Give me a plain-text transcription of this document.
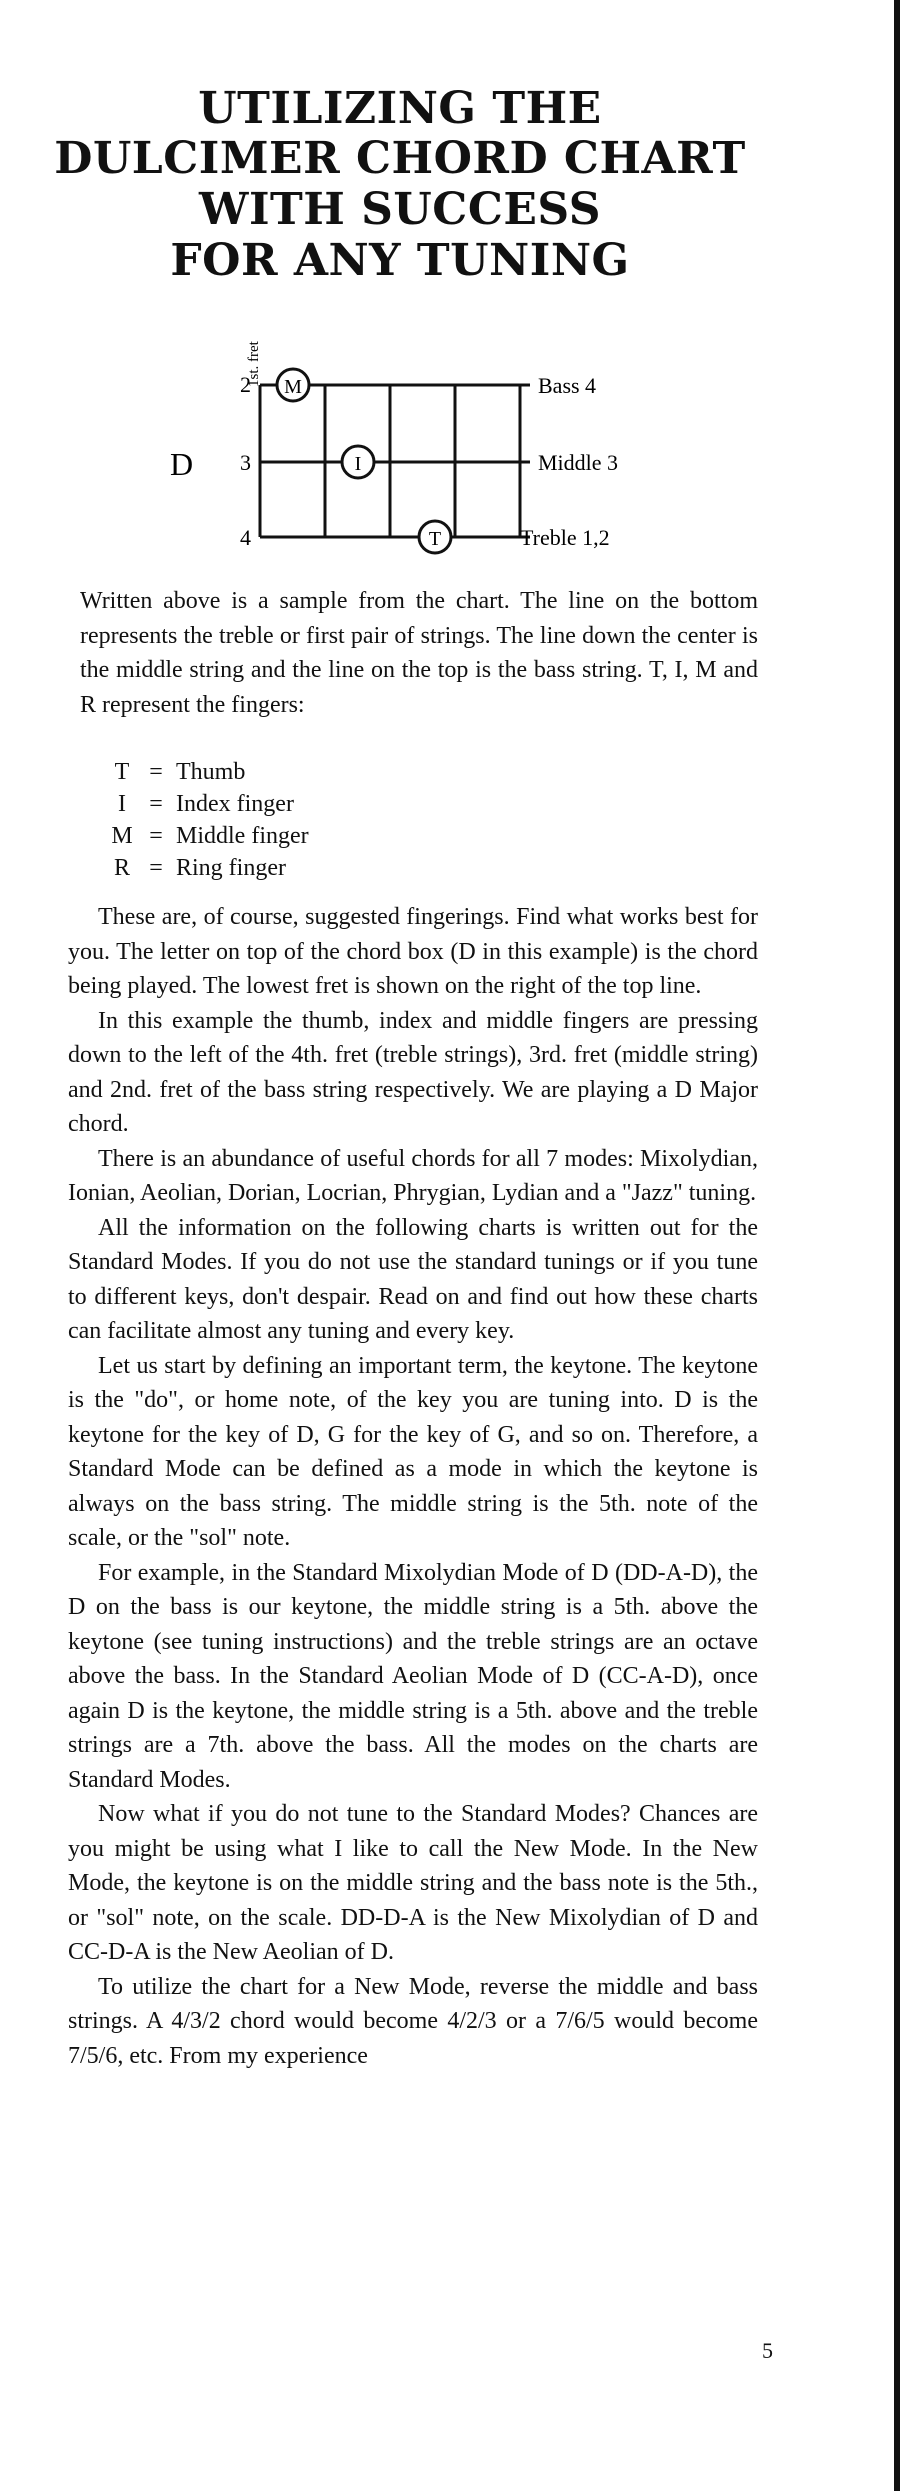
UTILIZING THE
DULCIMER CHORD CHART
WITH SUCCESS
FOR ANY TUNING
D
1st. fret
2
3
4
M
I
T
Bass 4
Middle 3
Treble 1,2

Written above is a sample from the chart. The line on the bottom represents the treble or first pair of strings. The line down the center is the middle string and the line on the top is the bass string. T, I, M and R represent the fingers:

T = Thumb
I = Index finger
M = Middle finger
R = Ring finger

These are, of course, suggested fingerings. Find what works best for you. The letter on top of the chord box (D in this example) is the chord being played. The lowest fret is shown on the right of the top line.

In this example the thumb, index and middle fingers are pressing down to the left of the 4th. fret (treble strings), 3rd. fret (middle string) and 2nd. fret of the bass string respectively. We are playing a D Major chord.

There is an abundance of useful chords for all 7 modes: Mixolydian, Ionian, Aeolian, Dorian, Locrian, Phrygian, Lydian and a "Jazz" tuning.

All the information on the following charts is written out for the Standard Modes. If you do not use the standard tunings or if you tune to different keys, don't despair. Read on and find out how these charts can facilitate almost any tuning and every key.

Let us start by defining an important term, the keytone. The keytone is the "do", or home note, of the key you are tuning into. D is the keytone for the key of D, G for the key of G, and so on. Therefore, a Standard Mode can be defined as a mode in which the keytone is always on the bass string. The middle string is the 5th. note of the scale, or the "sol" note.

For example, in the Standard Mixolydian Mode of D (DD-A-D), the D on the bass is our keytone, the middle string is a 5th. above the keytone (see tuning instructions) and the treble strings are an octave above the bass. In the Standard Aeolian Mode of D (CC-A-D), once again D is the keytone, the middle string is a 5th. above and the treble strings are a 7th. above the bass. All the modes on the charts are Standard Modes.

Now what if you do not tune to the Standard Modes? Chances are you might be using what I like to call the New Mode. In the New Mode, the keytone is on the middle string and the bass note is the 5th., or "sol" note, on the scale. DD-D-A is the New Mixolydian of D and CC-D-A is the New Aeolian of D.

To utilize the chart for a New Mode, reverse the middle and bass strings. A 4/3/2 chord would become 4/2/3 or a 7/6/5 would become 7/5/6, etc. From my experience

5
